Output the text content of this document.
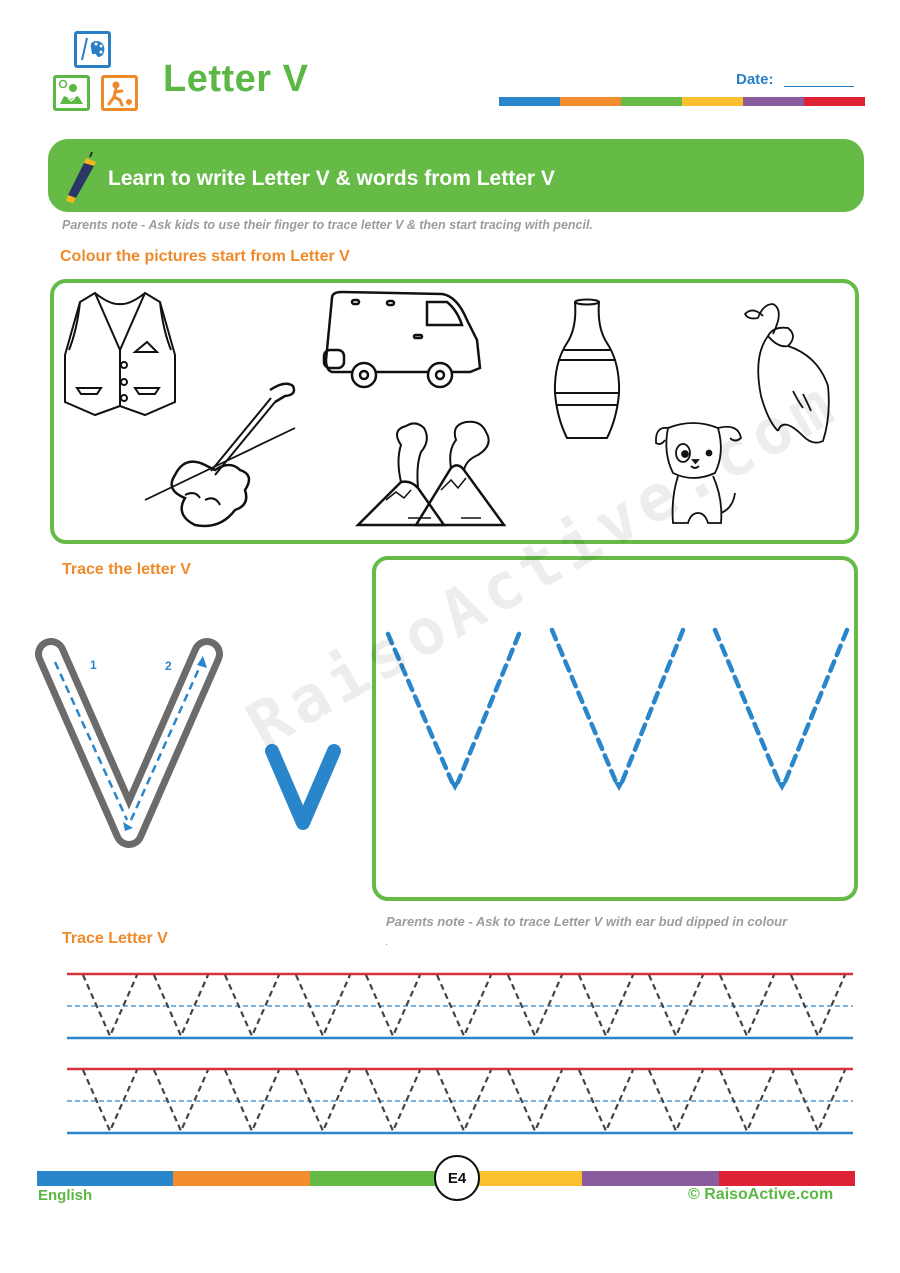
Letter V	Date:
Learn to write Letter V & words from Letter V
Parents note - Ask kids to use their finger to trace letter V & then start tracing with pencil.
Colour the pictures start from Letter V
Trace the letter V
1	2
Parents note - Ask to trace Letter V with ear bud dipped in colour
.
Trace Letter V
RaisoActive.com
E4
English	© RaisoActive.com
